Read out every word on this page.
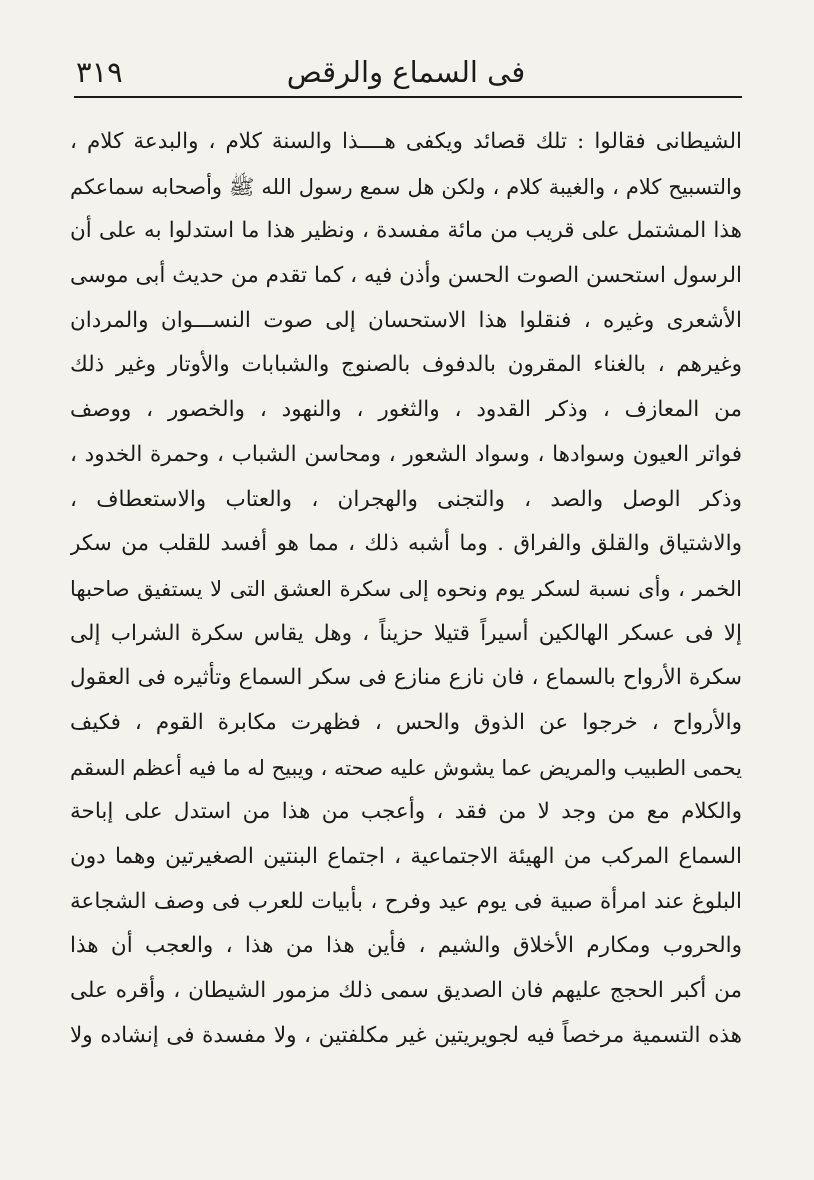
فى السماع والرقص
٣١٩
الشيطانى فقالوا : تلك قصائد ويكفى هــــذا والسنة كلام ، والبدعة كلام ،
والتسبيح كلام ، والغيبة كلام ، ولكن هل سمع رسول الله ﷺ وأصحابه سماعكم
هذا المشتمل على قريب من مائة مفسدة ، ونظير هذا ما استدلوا به على أن
الرسول استحسن الصوت الحسن وأذن فيه ، كما تقدم من حديث أبى موسى
الأشعرى وغيره ، فنقلوا هذا الاستحسان إلى صوت النســـوان والمردان
وغيرهم ، بالغناء المقرون بالدفوف بالصنوج والشبابات والأوتار وغير ذلك
من المعازف ، وذكر القدود ، والثغور ، والنهود ، والخصور ، ووصف
فواتر العيون وسوادها ، وسواد الشعور ، ومحاسن الشباب ، وحمرة الخدود ،
وذكر الوصل والصد ، والتجنى والهجران ، والعتاب والاستعطاف ،
والاشتياق والقلق والفراق . وما أشبه ذلك ، مما هو أفسد للقلب من سكر
الخمر ، وأى نسبة لسكر يوم ونحوه إلى سكرة العشق التى لا يستفيق صاحبها
إلا فى عسكر الهالكين أسيراً قتيلا حزيناً ، وهل يقاس سكرة الشراب إلى
سكرة الأرواح بالسماع ، فان نازع منازع فى سكر السماع وتأثيره فى العقول
والأرواح ، خرجوا عن الذوق والحس ، فظهرت مكابرة القوم ، فكيف
يحمى الطبيب والمريض عما يشوش عليه صحته ، ويبيح له ما فيه أعظم السقم
والكلام مع من وجد لا من فقد ، وأعجب من هذا من استدل على إباحة
السماع المركب من الهيئة الاجتماعية ، اجتماع البنتين الصغيرتين وهما دون
البلوغ عند امرأة صبية فى يوم عيد وفرح ، بأبيات للعرب فى وصف الشجاعة
والحروب ومكارم الأخلاق والشيم ، فأين هذا من هذا ، والعجب أن هذا
من أكبر الحجج عليهم فان الصديق سمى ذلك مزمور الشيطان ، وأقره على
هذه التسمية مرخصاً فيه لجويريتين غير مكلفتين ، ولا مفسدة فى إنشاده ولا
